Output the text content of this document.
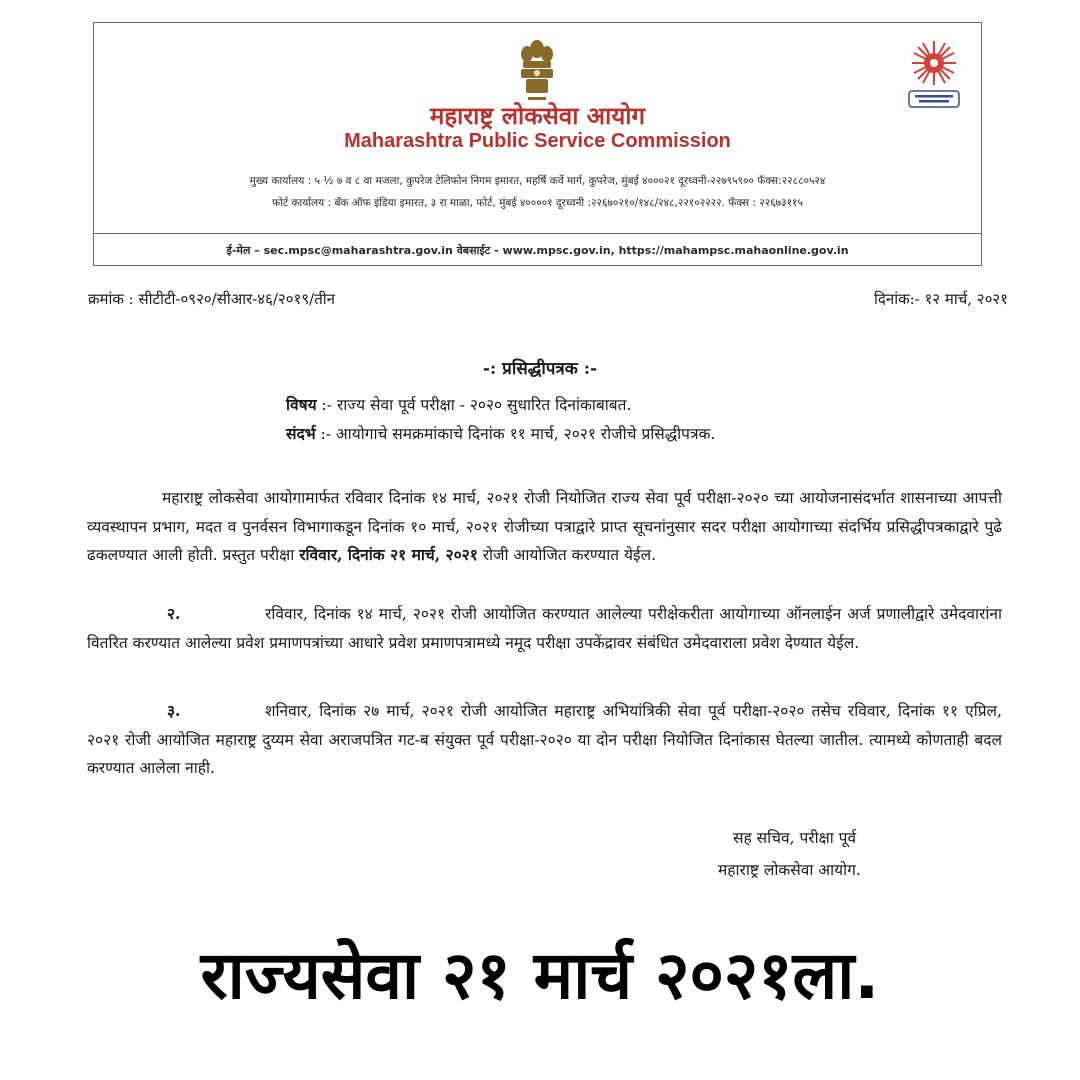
महाराष्ट्र लोकसेवा आयोग
Maharashtra Public Service Commission
मुख्य कार्यालय : ५ ½ ७ व ८ वा मजला, कुपरेज टेलिफोन निगम इमारत, महर्षि कर्वे मार्ग, कुपरेज, मुंबई ४०००२१ दूरध्वनी-२२७९५९०० फॅक्स:२२८८०५२४
फोर्ट कार्यालय : बँक ऑफ इंडिया इमारत, ३ रा माळा, फोर्ट, मुंबई ४००००१ दूरध्वनी :२२६७०२१०/१४८/२४८,२२१०२२२२. फॅक्स : २२६७३११५
ई-मेल – sec.mpsc@maharashtra.gov.in वेबसाईट - www.mpsc.gov.in, https://mahampsc.mahaonline.gov.in
क्रमांक : सीटीटी-०९२०/सीआर-४६/२०१९/तीन	दिनांक:- १२ मार्च, २०२१
-: प्रसिद्धीपत्रक :-
विषय :- राज्य सेवा पूर्व परीक्षा - २०२० सुधारित दिनांकाबाबत.
संदर्भ :- आयोगाचे समक्रमांकाचे दिनांक ११ मार्च, २०२१ रोजीचे प्रसिद्धीपत्रक.
महाराष्ट्र लोकसेवा आयोगामार्फत रविवार दिनांक १४ मार्च, २०२१ रोजी नियोजित राज्य सेवा पूर्व परीक्षा-२०२० च्या आयोजनासंदर्भात शासनाच्या आपत्ती व्यवस्थापन प्रभाग, मदत व पुनर्वसन विभागाकडून दिनांक १० मार्च, २०२१ रोजीच्या पत्राद्वारे प्राप्त सूचनांनुसार सदर परीक्षा आयोगाच्या संदर्भिय प्रसिद्धीपत्रकाद्वारे पुढे ढकलण्यात आली होती. प्रस्तुत परीक्षा रविवार, दिनांक २१ मार्च, २०२१ रोजी आयोजित करण्यात येईल.
२.	रविवार, दिनांक १४ मार्च, २०२१ रोजी आयोजित करण्यात आलेल्या परीक्षेकरीता आयोगाच्या ऑनलाईन अर्ज प्रणालीद्वारे उमेदवारांना वितरित करण्यात आलेल्या प्रवेश प्रमाणपत्रांच्या आधारे प्रवेश प्रमाणपत्रामध्ये नमूद परीक्षा उपकेंद्रावर संबंधित उमेदवाराला प्रवेश देण्यात येईल.
३.	शनिवार, दिनांक २७ मार्च, २०२१ रोजी आयोजित महाराष्ट्र अभियांत्रिकी सेवा पूर्व परीक्षा-२०२० तसेच रविवार, दिनांक ११ एप्रिल, २०२१ रोजी आयोजित महाराष्ट्र दुय्यम सेवा अराजपत्रित गट-ब संयुक्त पूर्व परीक्षा-२०२० या दोन परीक्षा नियोजित दिनांकास घेतल्या जातील. त्यामध्ये कोणताही बदल करण्यात आलेला नाही.
सह सचिव, परीक्षा पूर्व
महाराष्ट्र लोकसेवा आयोग.
राज्यसेवा २१ मार्च २०२१ला.
